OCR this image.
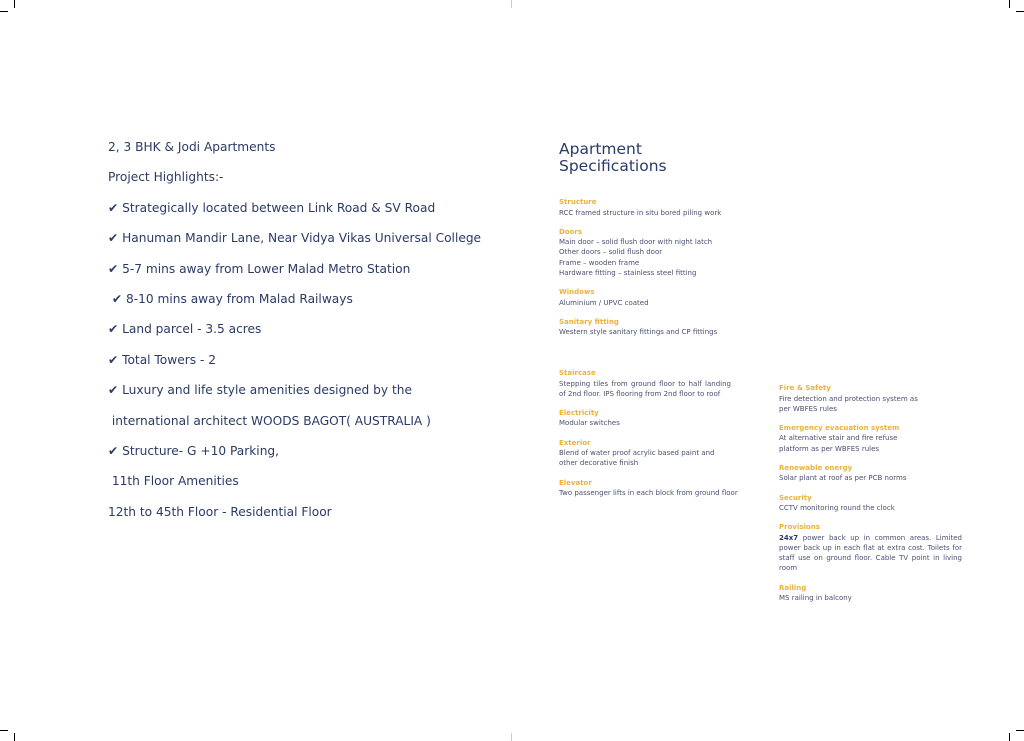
2, 3 BHK & Jodi Apartments
Project Highlights:-
✔ Strategically located between Link Road & SV Road
✔ Hanuman Mandir Lane, Near Vidya Vikas Universal College
✔ 5-7 mins away from Lower Malad Metro Station
✔ 8-10 mins away from Malad Railways
✔ Land parcel - 3.5 acres
✔ Total Towers - 2
✔ Luxury and life style amenities designed by the
international architect WOODS BAGOT( AUSTRALIA )
✔ Structure- G +10 Parking,
11th Floor Amenities
12th to 45th Floor - Residential Floor
Apartment
Specifications
Structure

RCC framed structure in situ bored piling work

Doors

Main door – solid flush door with night latch

Other doors – solid flush door

Frame – wooden frame

Hardware fitting – stainless steel fitting

Windows

Aluminium / UPVC coated

Sanitary fitting

Western style sanitary fittings and CP fittings

Staircase

Stepping tiles from ground floor to half landing of 2nd floor. IPS flooring from 2nd floor to roof

Electricity

Modular switches

Exterior

Blend of water proof acrylic based paint and other decorative finish

Elevator

Two passenger lifts in each block from ground floor

Fire & Safety

Fire detection and protection system as per WBFES rules

Emergency evacuation system

At alternative stair and fire refuse platform as per WBFES rules

Renewable energy

Solar plant at roof as per PCB norms

Security

CCTV monitoring round the clock

Provisions

24x7 power back up in common areas. Limited power back up in each flat at extra cost. Toilets for staff use on ground floor. Cable TV point in living room

Railing

MS railing in balcony
